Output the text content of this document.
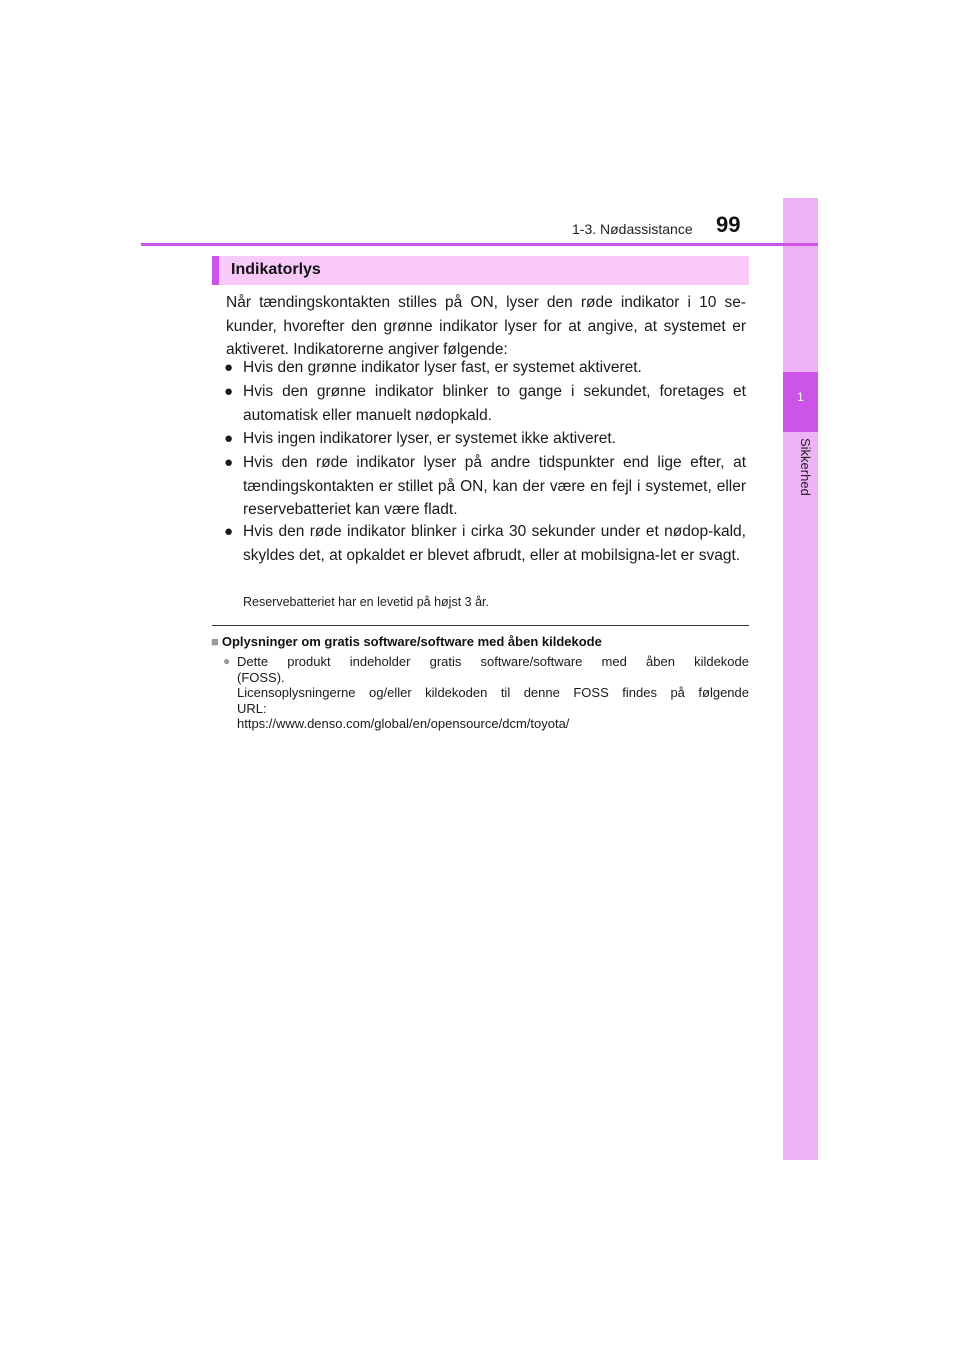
1
Sikkerhed
1-3. Nødassistance 99
Indikatorlys

Når tændingskontakten stilles på ON, lyser den røde indikator i 10 se-kunder, hvorefter den grønne indikator lyser for at angive, at systemet er aktiveret. Indikatorerne angiver følgende:

● Hvis den grønne indikator lyser fast, er systemet aktiveret.
● Hvis den grønne indikator blinker to gange i sekundet, foretages et automatisk eller manuelt nødopkald.
● Hvis ingen indikatorer lyser, er systemet ikke aktiveret.
● Hvis den røde indikator lyser på andre tidspunkter end lige efter, at tændingskontakten er stillet på ON, kan der være en fejl i systemet, eller reservebatteriet kan være fladt.
● Hvis den røde indikator blinker i cirka 30 sekunder under et nødop-kald, skyldes det, at opkaldet er blevet afbrudt, eller at mobilsigna-let er svagt.
Reservebatteriet har en levetid på højst 3 år.
■ Oplysninger om gratis software/software med åben kildekode
● Dette produkt indeholder gratis software/software med åben kildekode
(FOSS).
Licensoplysningerne og/eller kildekoden til denne FOSS findes på følgende
URL:
https://www.denso.com/global/en/opensource/dcm/toyota/
